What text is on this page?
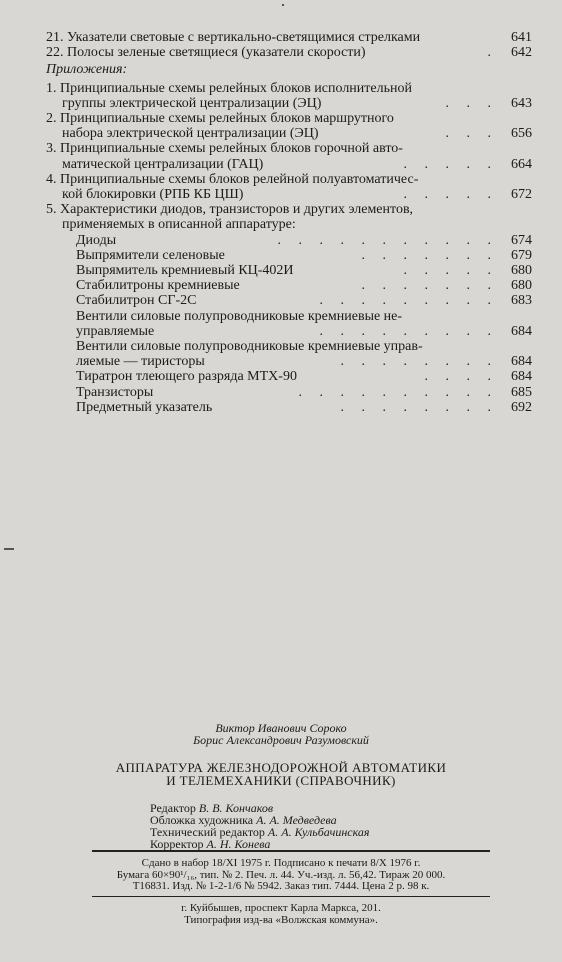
21. Указатели световые с вертикально-светящимися стрелками	641
22. Полосы зеленые светящиеся (указатели скорости)	. 642
Приложения:
1. Принципиальные схемы релейных блоков исполнительной
группы электрической централизации (ЭЦ)	. . . 643
2. Принципиальные схемы релейных блоков маршрутного
набора электрической централизации (ЭЦ)	. . . 656
3. Принципиальные схемы релейных блоков горочной авто-
матической централизации (ГАЦ)	. . . . . 664
4. Принципиальные схемы блоков релейной полуавтоматичес-
кой блокировки (РПБ КБ ЦШ)	. . . . . 672
5. Характеристики диодов, транзисторов и других элементов,
применяемых в описанной аппаратуре:
Диоды	. . . . . . . . . . . 674
Выпрямители селеновые	. . . . . . . 679
Выпрямитель кремниевый КЦ-402И	. . . . . 680
Стабилитроны кремниевые	. . . . . . . 680
Стабилитрон СГ-2С	. . . . . . . . . 683
Вентили силовые полупроводниковые кремниевые не-
управляемые	. . . . . . . . . 684
Вентили силовые полупроводниковые кремниевые управ-
ляемые — тиристоры	. . . . . . . . 684
Тиратрон тлеющего разряда МТХ-90	. . . . 684
Транзисторы	. . . . . . . . . . 685
Предметный указатель	. . . . . . . . 692
Виктор Иванович Сороко
Борис Александрович Разумовский
АППАРАТУРА ЖЕЛЕЗНОДОРОЖНОЙ АВТОМАТИКИ
И ТЕЛЕМЕХАНИКИ (СПРАВОЧНИК)
Редактор В. В. Кончаков
Обложка художника А. А. Медведева
Технический редактор А. А. Кульбачинская
Корректор А. Н. Конева
Сдано в набор 18/XI 1975 г. Подписано к печати 8/X 1976 г.
Бумага 60×90¹/₁₆, тип. № 2. Печ. л. 44. Уч.-изд. л. 56,42. Тираж 20 000.
Т16831. Изд. № 1-2-1/6 № 5942. Заказ тип. 7444. Цена 2 р. 98 к.
г. Куйбышев, проспект Карла Маркса, 201.
Типография изд-ва «Волжская коммуна».
